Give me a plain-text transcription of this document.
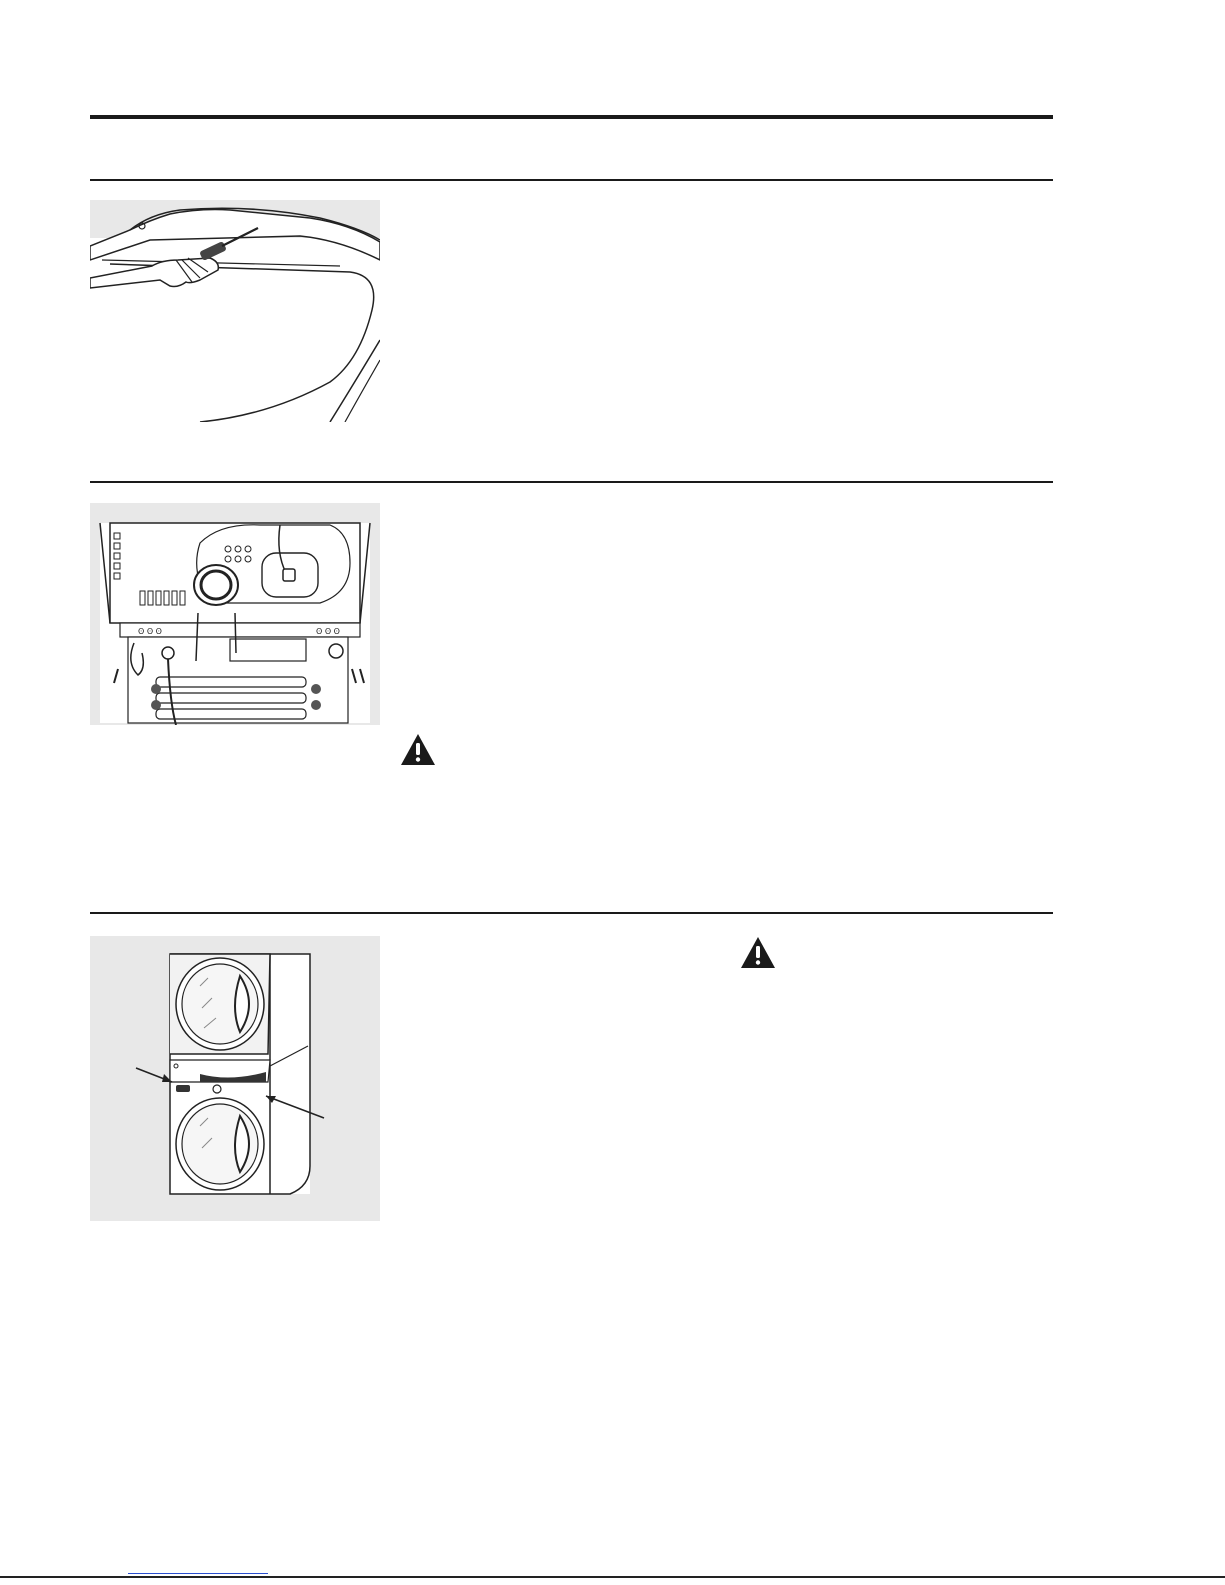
ʘ ʘ ʘ	ʘ ʘ ʘ
